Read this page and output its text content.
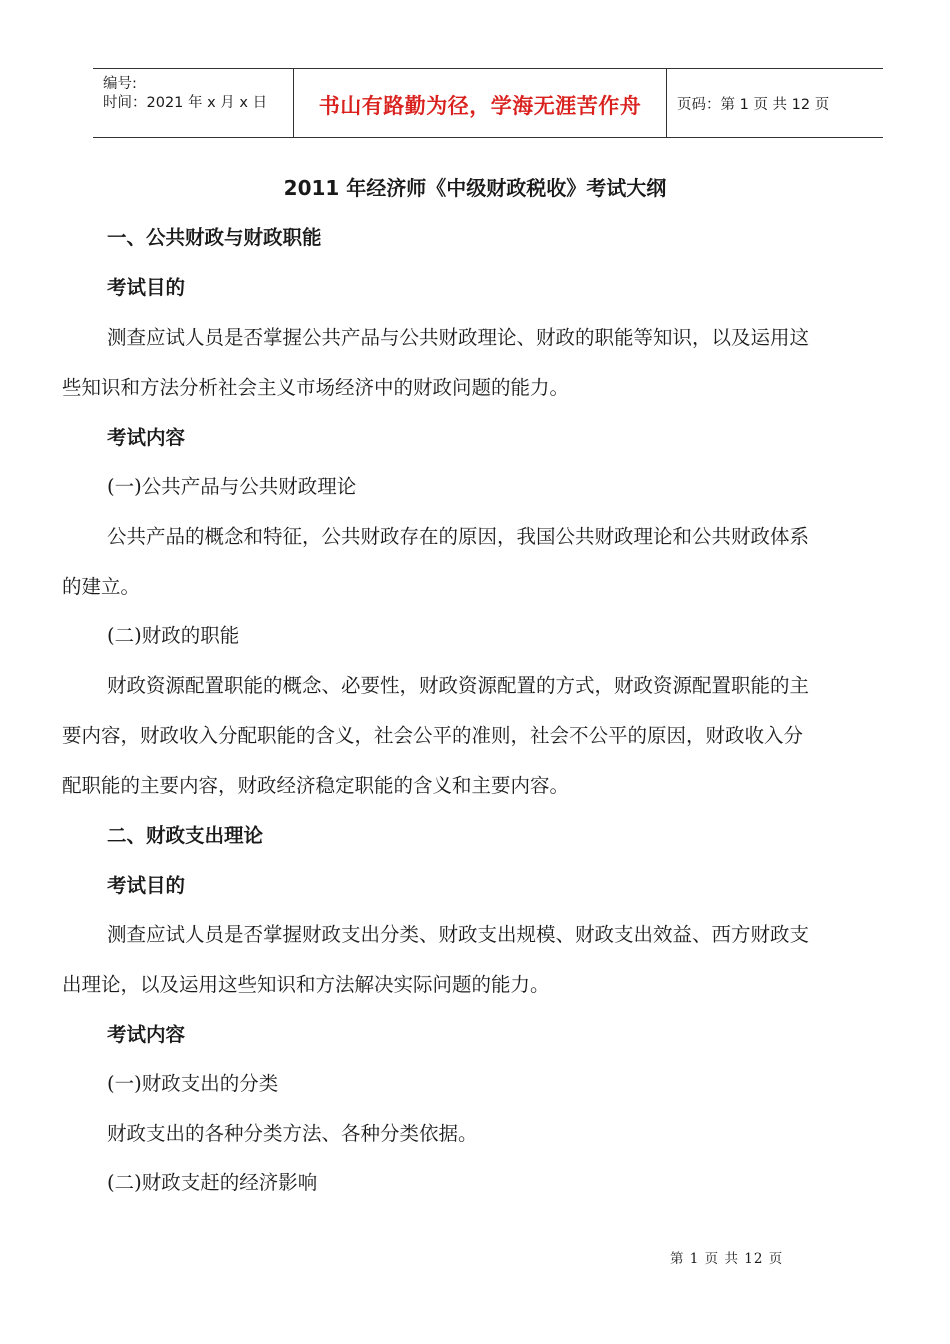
编号:
时间：2021 年 x 月 x 日	书山有路勤为径，学海无涯苦作舟	页码：第 1 页 共 12 页
2011 年经济师《中级财政税收》考试大纲
一、公共财政与财政职能
考试目的
测查应试人员是否掌握公共产品与公共财政理论、财政的职能等知识，以及运用这
些知识和方法分析社会主义市场经济中的财政问题的能力。
考试内容
(一)公共产品与公共财政理论
公共产品的概念和特征，公共财政存在的原因，我国公共财政理论和公共财政体系
的建立。
(二)财政的职能
财政资源配置职能的概念、必要性，财政资源配置的方式，财政资源配置职能的主
要内容，财政收入分配职能的含义，社会公平的准则，社会不公平的原因，财政收入分
配职能的主要内容，财政经济稳定职能的含义和主要内容。
二、财政支出理论
考试目的
测查应试人员是否掌握财政支出分类、财政支出规模、财政支出效益、西方财政支
出理论，以及运用这些知识和方法解决实际问题的能力。
考试内容
(一)财政支出的分类
财政支出的各种分类方法、各种分类依据。
(二)财政支赶的经济影响
第 1 页 共 12 页
